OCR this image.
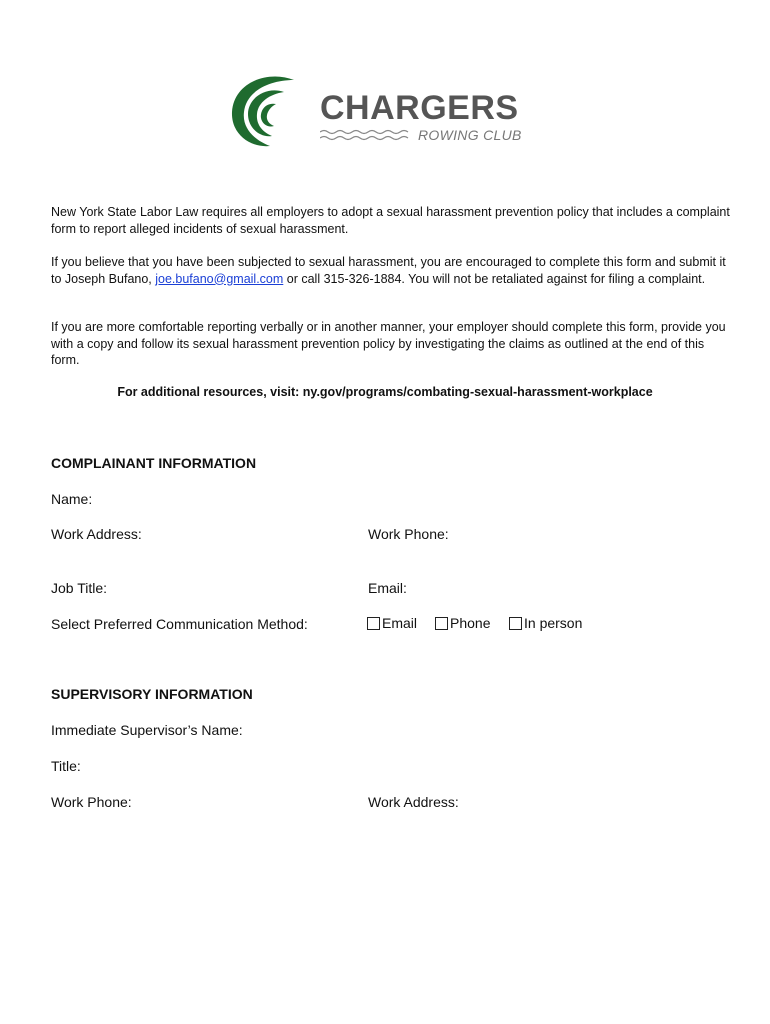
CHARGERS
ROWING CLUB

New York State Labor Law requires all employers to adopt a sexual harassment prevention policy that includes a complaint form to report alleged incidents of sexual harassment.

If you believe that you have been subjected to sexual harassment, you are encouraged to complete this form and submit it to Joseph Bufano, joe.bufano@gmail.com or call 315-326-1884. You will not be retaliated against for filing a complaint.

If you are more comfortable reporting verbally or in another manner, your employer should complete this form, provide you with a copy and follow its sexual harassment prevention policy by investigating the claims as outlined at the end of this form.

For additional resources, visit: ny.gov/programs/combating-sexual-harassment-workplace
COMPLAINANT INFORMATION
Name:
Work Address:	Work Phone:
Job Title:	Email:
Select Preferred Communication Method:	Email Phone In person
SUPERVISORY INFORMATION
Immediate Supervisor’s Name:
Title:
Work Phone:	Work Address:
